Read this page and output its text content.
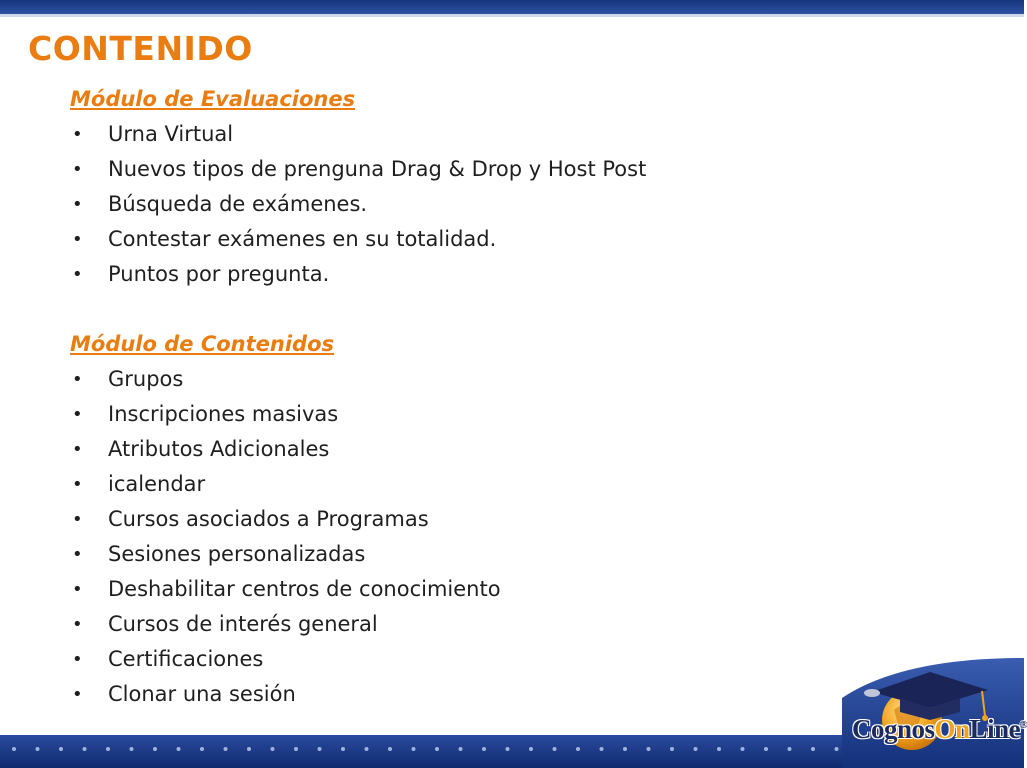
CONTENIDO
Módulo de Evaluaciones
•	Urna Virtual
•	Nuevos tipos de prenguna Drag & Drop y Host Post
•	Búsqueda de exámenes.
•	Contestar exámenes en su totalidad.
•	Puntos por pregunta.
Módulo de Contenidos
•	Grupos
•	Inscripciones masivas
•	Atributos Adicionales
•	icalendar
•	Cursos asociados a Programas
•	Sesiones personalizadas
•	Deshabilitar centros de conocimiento
•	Cursos de interés general
•	Certificaciones
•	Clonar una sesión
CognosOnLine®
